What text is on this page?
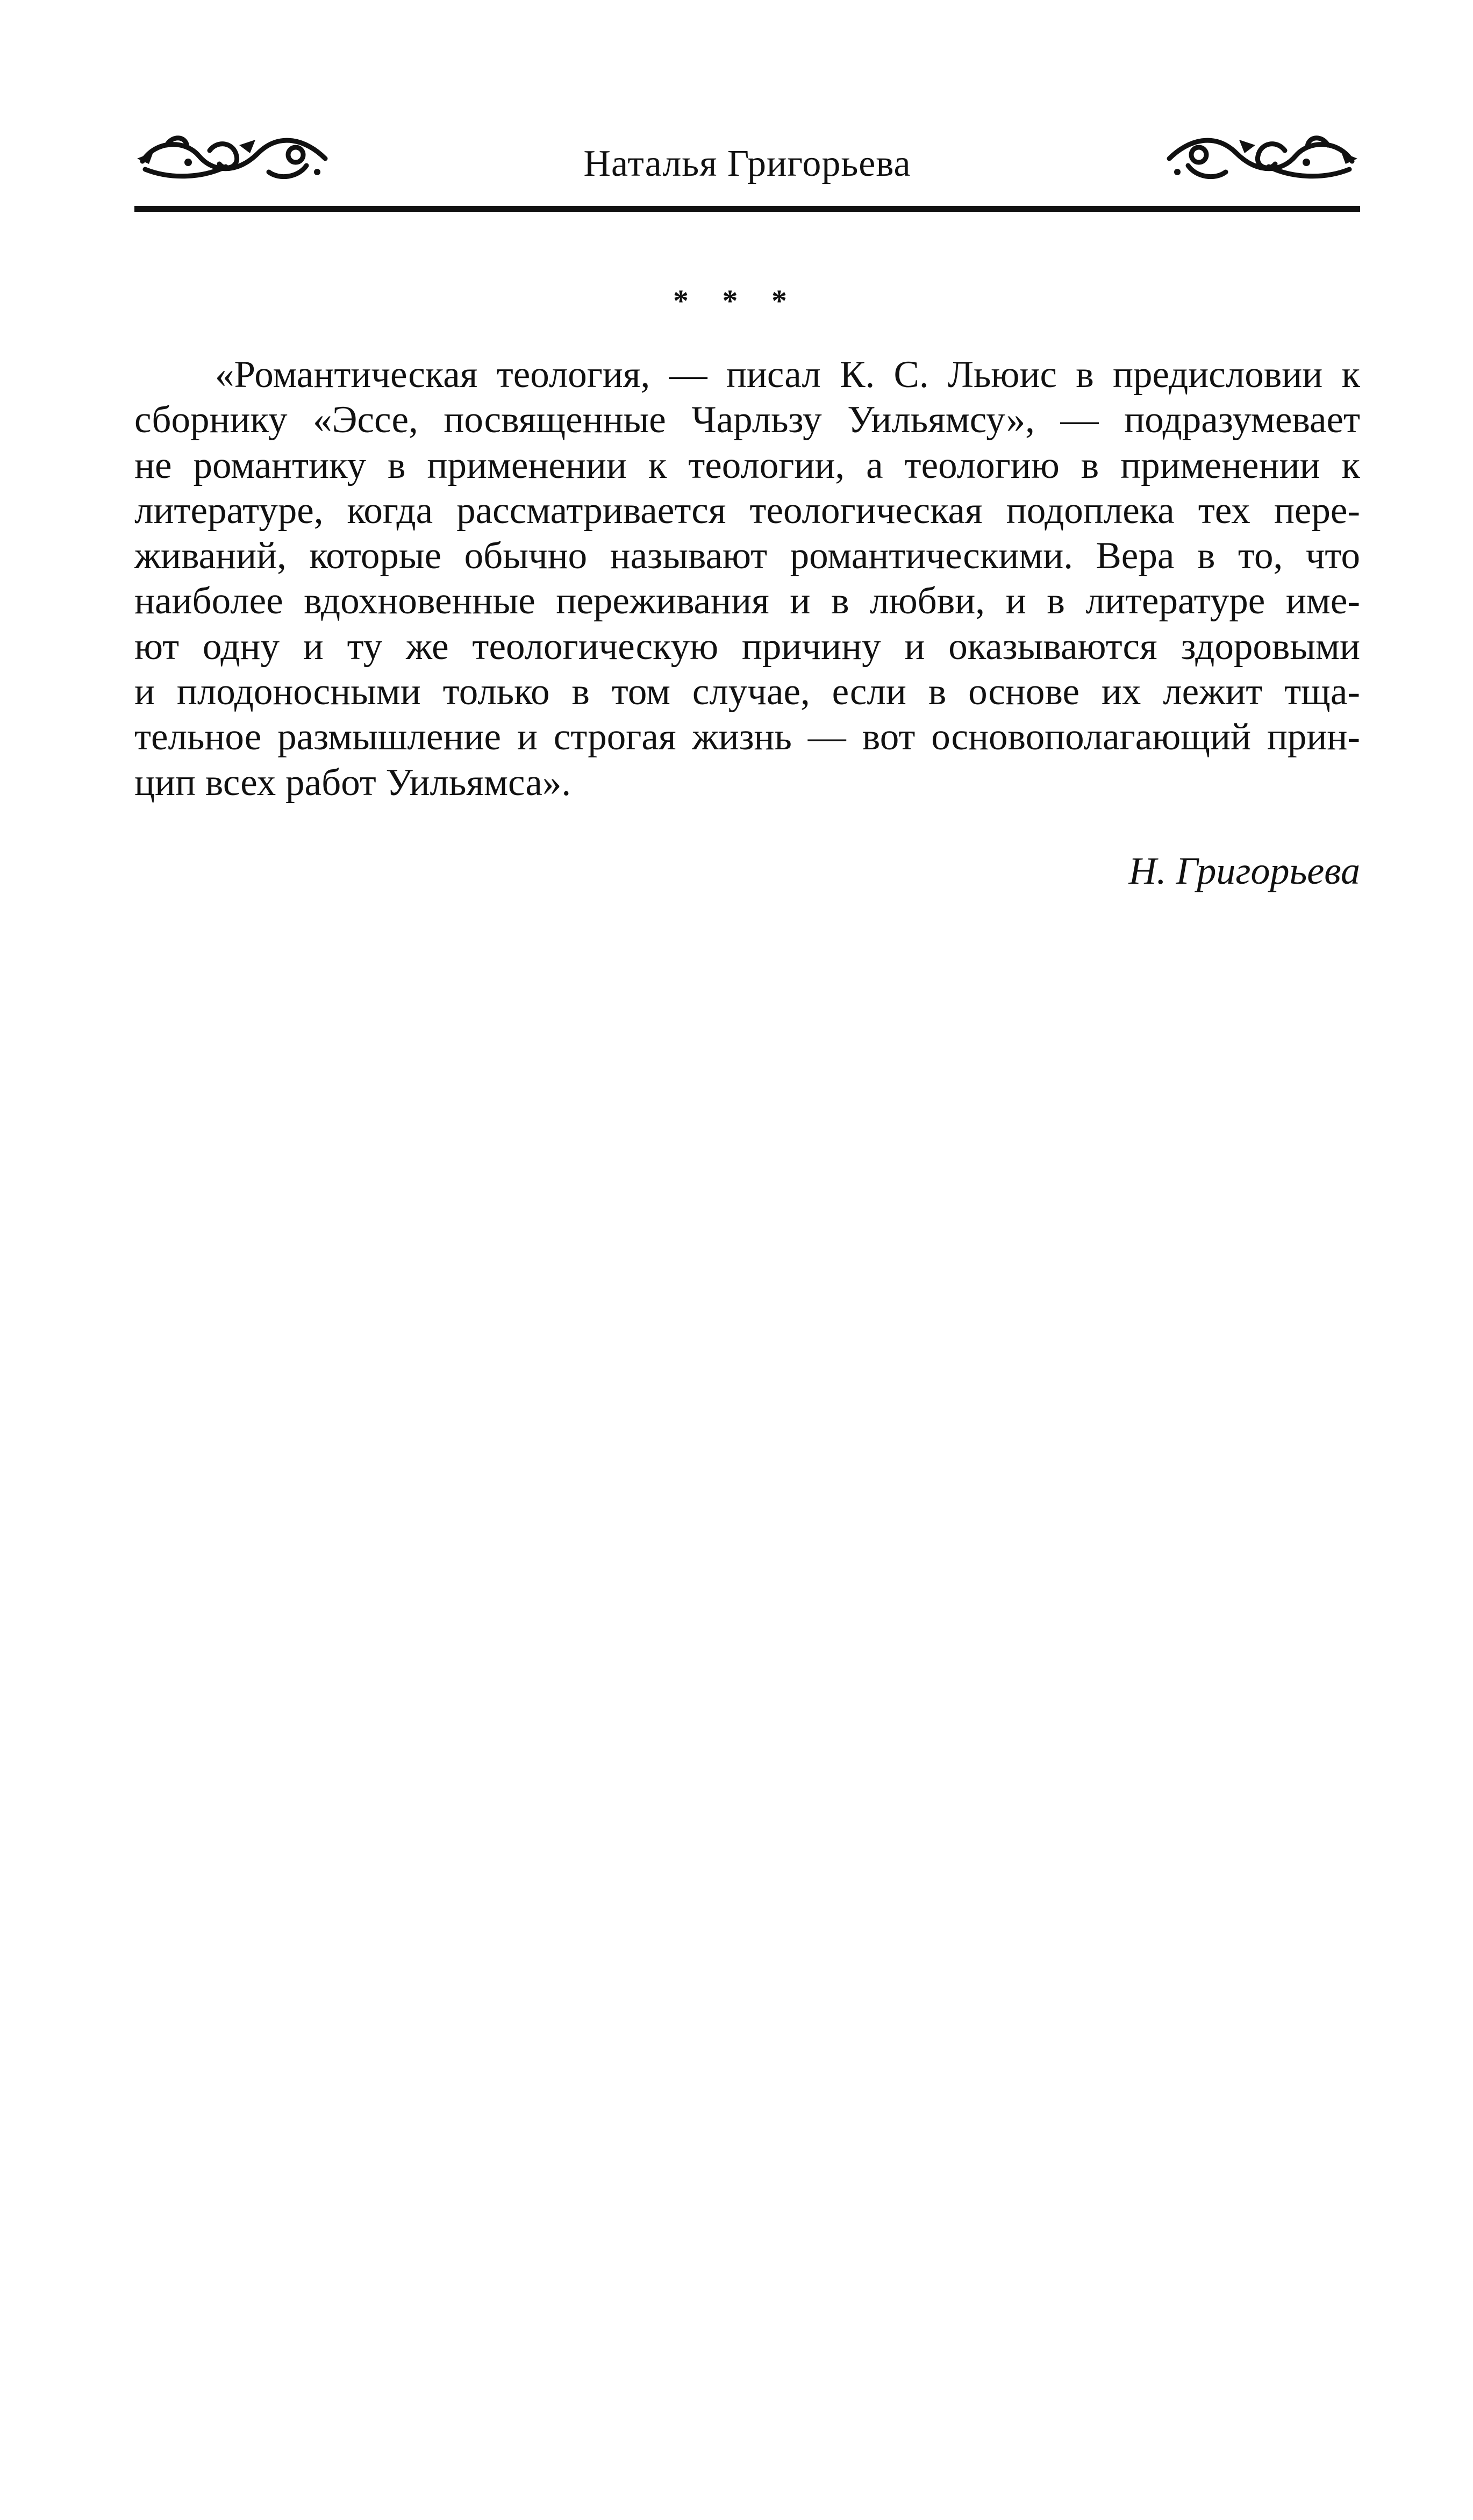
Наталья Григорьева
* * *

«Романтическая теология, — писал К. С. Льюис в предисловии к
сборнику «Эссе, посвященные Чарльзу Уильямсу», — подразумевает
не романтику в применении к теологии, а теологию в применении к
литературе, когда рассматривается теологическая подоплека тех пере-
живаний, которые обычно называют романтическими. Вера в то, что
наиболее вдохновенные переживания и в любви, и в литературе име-
ют одну и ту же теологическую причину и оказываются здоровыми
и плодоносными только в том случае, если в основе их лежит тща-
тельное размышление и строгая жизнь — вот основополагающий прин-
цип всех работ Уильямса».

Н. Григорьева
